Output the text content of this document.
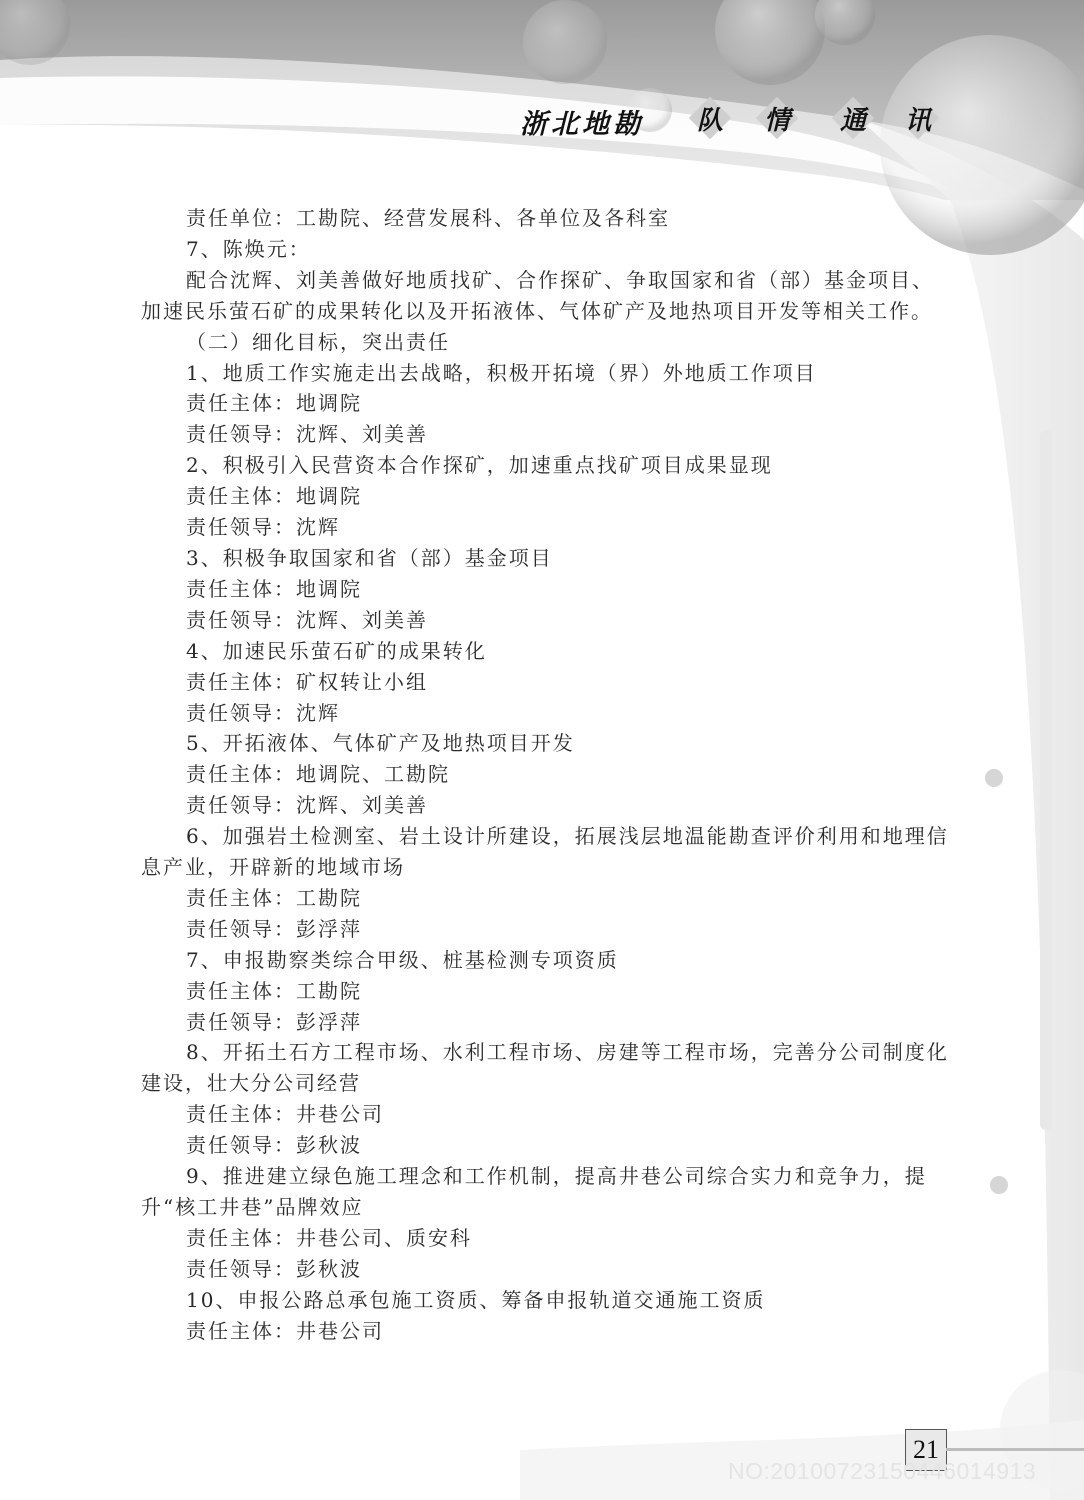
浙北地勘 队 情 通 讯

责任单位：工勘院、经营发展科、各单位及各科室

7、陈焕元：

配合沈辉、刘美善做好地质找矿、合作探矿、争取国家和省（部）基金项目、加速民乐萤石矿的成果转化以及开拓液体、气体矿产及地热项目开发等相关工作。

（二）细化目标，突出责任

1、地质工作实施走出去战略，积极开拓境（界）外地质工作项目

责任主体：地调院

责任领导：沈辉、刘美善

2、积极引入民营资本合作探矿，加速重点找矿项目成果显现

责任主体：地调院

责任领导：沈辉

3、积极争取国家和省（部）基金项目

责任主体：地调院

责任领导：沈辉、刘美善

4、加速民乐萤石矿的成果转化

责任主体：矿权转让小组

责任领导：沈辉

5、开拓液体、气体矿产及地热项目开发

责任主体：地调院、工勘院

责任领导：沈辉、刘美善

6、加强岩土检测室、岩土设计所建设，拓展浅层地温能勘查评价利用和地理信息产业，开辟新的地域市场

责任主体：工勘院

责任领导：彭浮萍

7、申报勘察类综合甲级、桩基检测专项资质

责任主体：工勘院

责任领导：彭浮萍

8、开拓土石方工程市场、水利工程市场、房建等工程市场，完善分公司制度化建设，壮大分公司经营

责任主体：井巷公司

责任领导：彭秋波

9、推进建立绿色施工理念和工作机制，提高井巷公司综合实力和竞争力，提升“核工井巷”品牌效应

责任主体：井巷公司、质安科

责任领导：彭秋波

10、申报公路总承包施工资质、筹备申报轨道交通施工资质

责任主体：井巷公司

21
NO:20100723150446014913
